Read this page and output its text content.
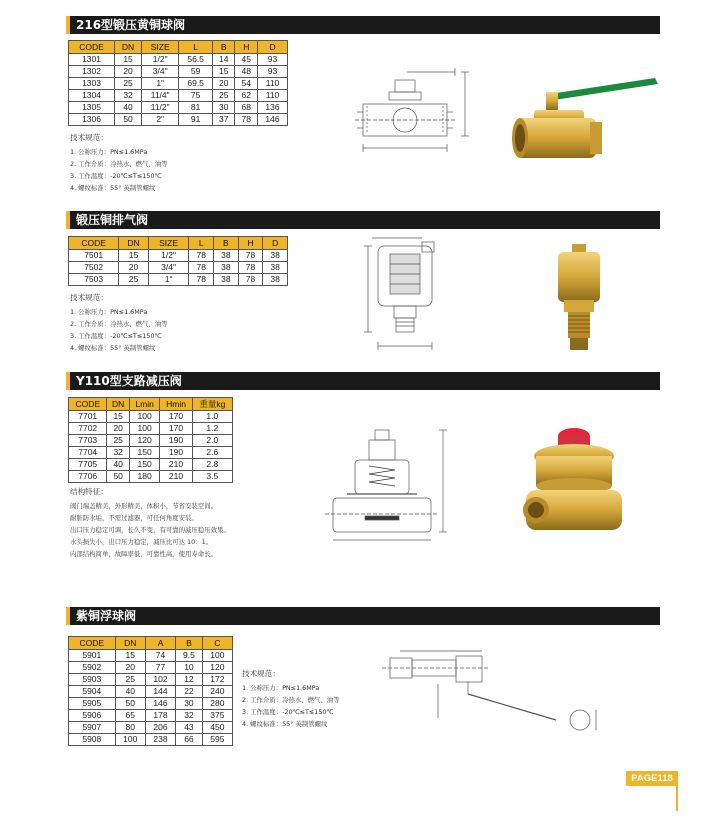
216型锻压黄铜球阀
CODE	DN	SIZE	L	B	H	D
1301	15	1/2"	56.5	14	45	93
1302	20	3/4"	59	15	48	93
1303	25	1"	69.5	20	54	110
1304	32	11/4"	75	25	62	110
1305	40	11/2"	81	30	68	136
1306	50	2"	91	37	78	146
技术规范：
1. 公称压力：PN≤1.6MPa
2. 工作介质：冷热水、燃气、油等
3. 工作温度：-20℃≤T≤150℃
4. 螺纹标准：55° 英制管螺纹
锻压铜排气阀
CODE	DN	SIZE	L	B	H	D
7501	15	1/2"	78	38	78	38
7502	20	3/4"	78	38	78	38
7503	25	1"	78	38	78	38
技术规范：
1. 公称压力：PN≤1.6MPa
2. 工作介质：冷热水、燃气、油等
3. 工作温度：-20℃≤T≤150℃
4. 螺纹标准：55° 英制管螺纹
Y110型支路减压阀
CODE	DN	Lmin	Hmin	重量kg
7701	15	100	170	1.0
7702	20	100	170	1.2
7703	25	120	190	2.0
7704	32	150	190	2.6
7705	40	150	210	2.8
7706	50	180	210	3.5
结构特征：
阀门端盖精美，外形精美，体积小，节省安装空间。
耐脏防水垢，不需过滤器，可任何角度安装。
出口压力稳定可调，长久不变，有可靠的减压稳压效果。
水头损失小，出口压力稳定，减压比可达 10：1。
内部结构简单，故障率低，可靠性高，使用寿命长。
紫铜浮球阀
CODE	DN	A	B	C
5901	15	74	9.5	100
5902	20	77	10	120
5903	25	102	12	172
5904	40	144	22	240
5905	50	146	30	280
5906	65	178	32	375
5907	80	206	43	450
5908	100	238	66	595
技术规范：
1. 公称压力：PN≤1.6MPa
2. 工作介质：冷热水、燃气、油等
3. 工作温度：-20℃≤T≤150℃
4. 螺纹标准：55° 英制管螺纹
PAGE118
